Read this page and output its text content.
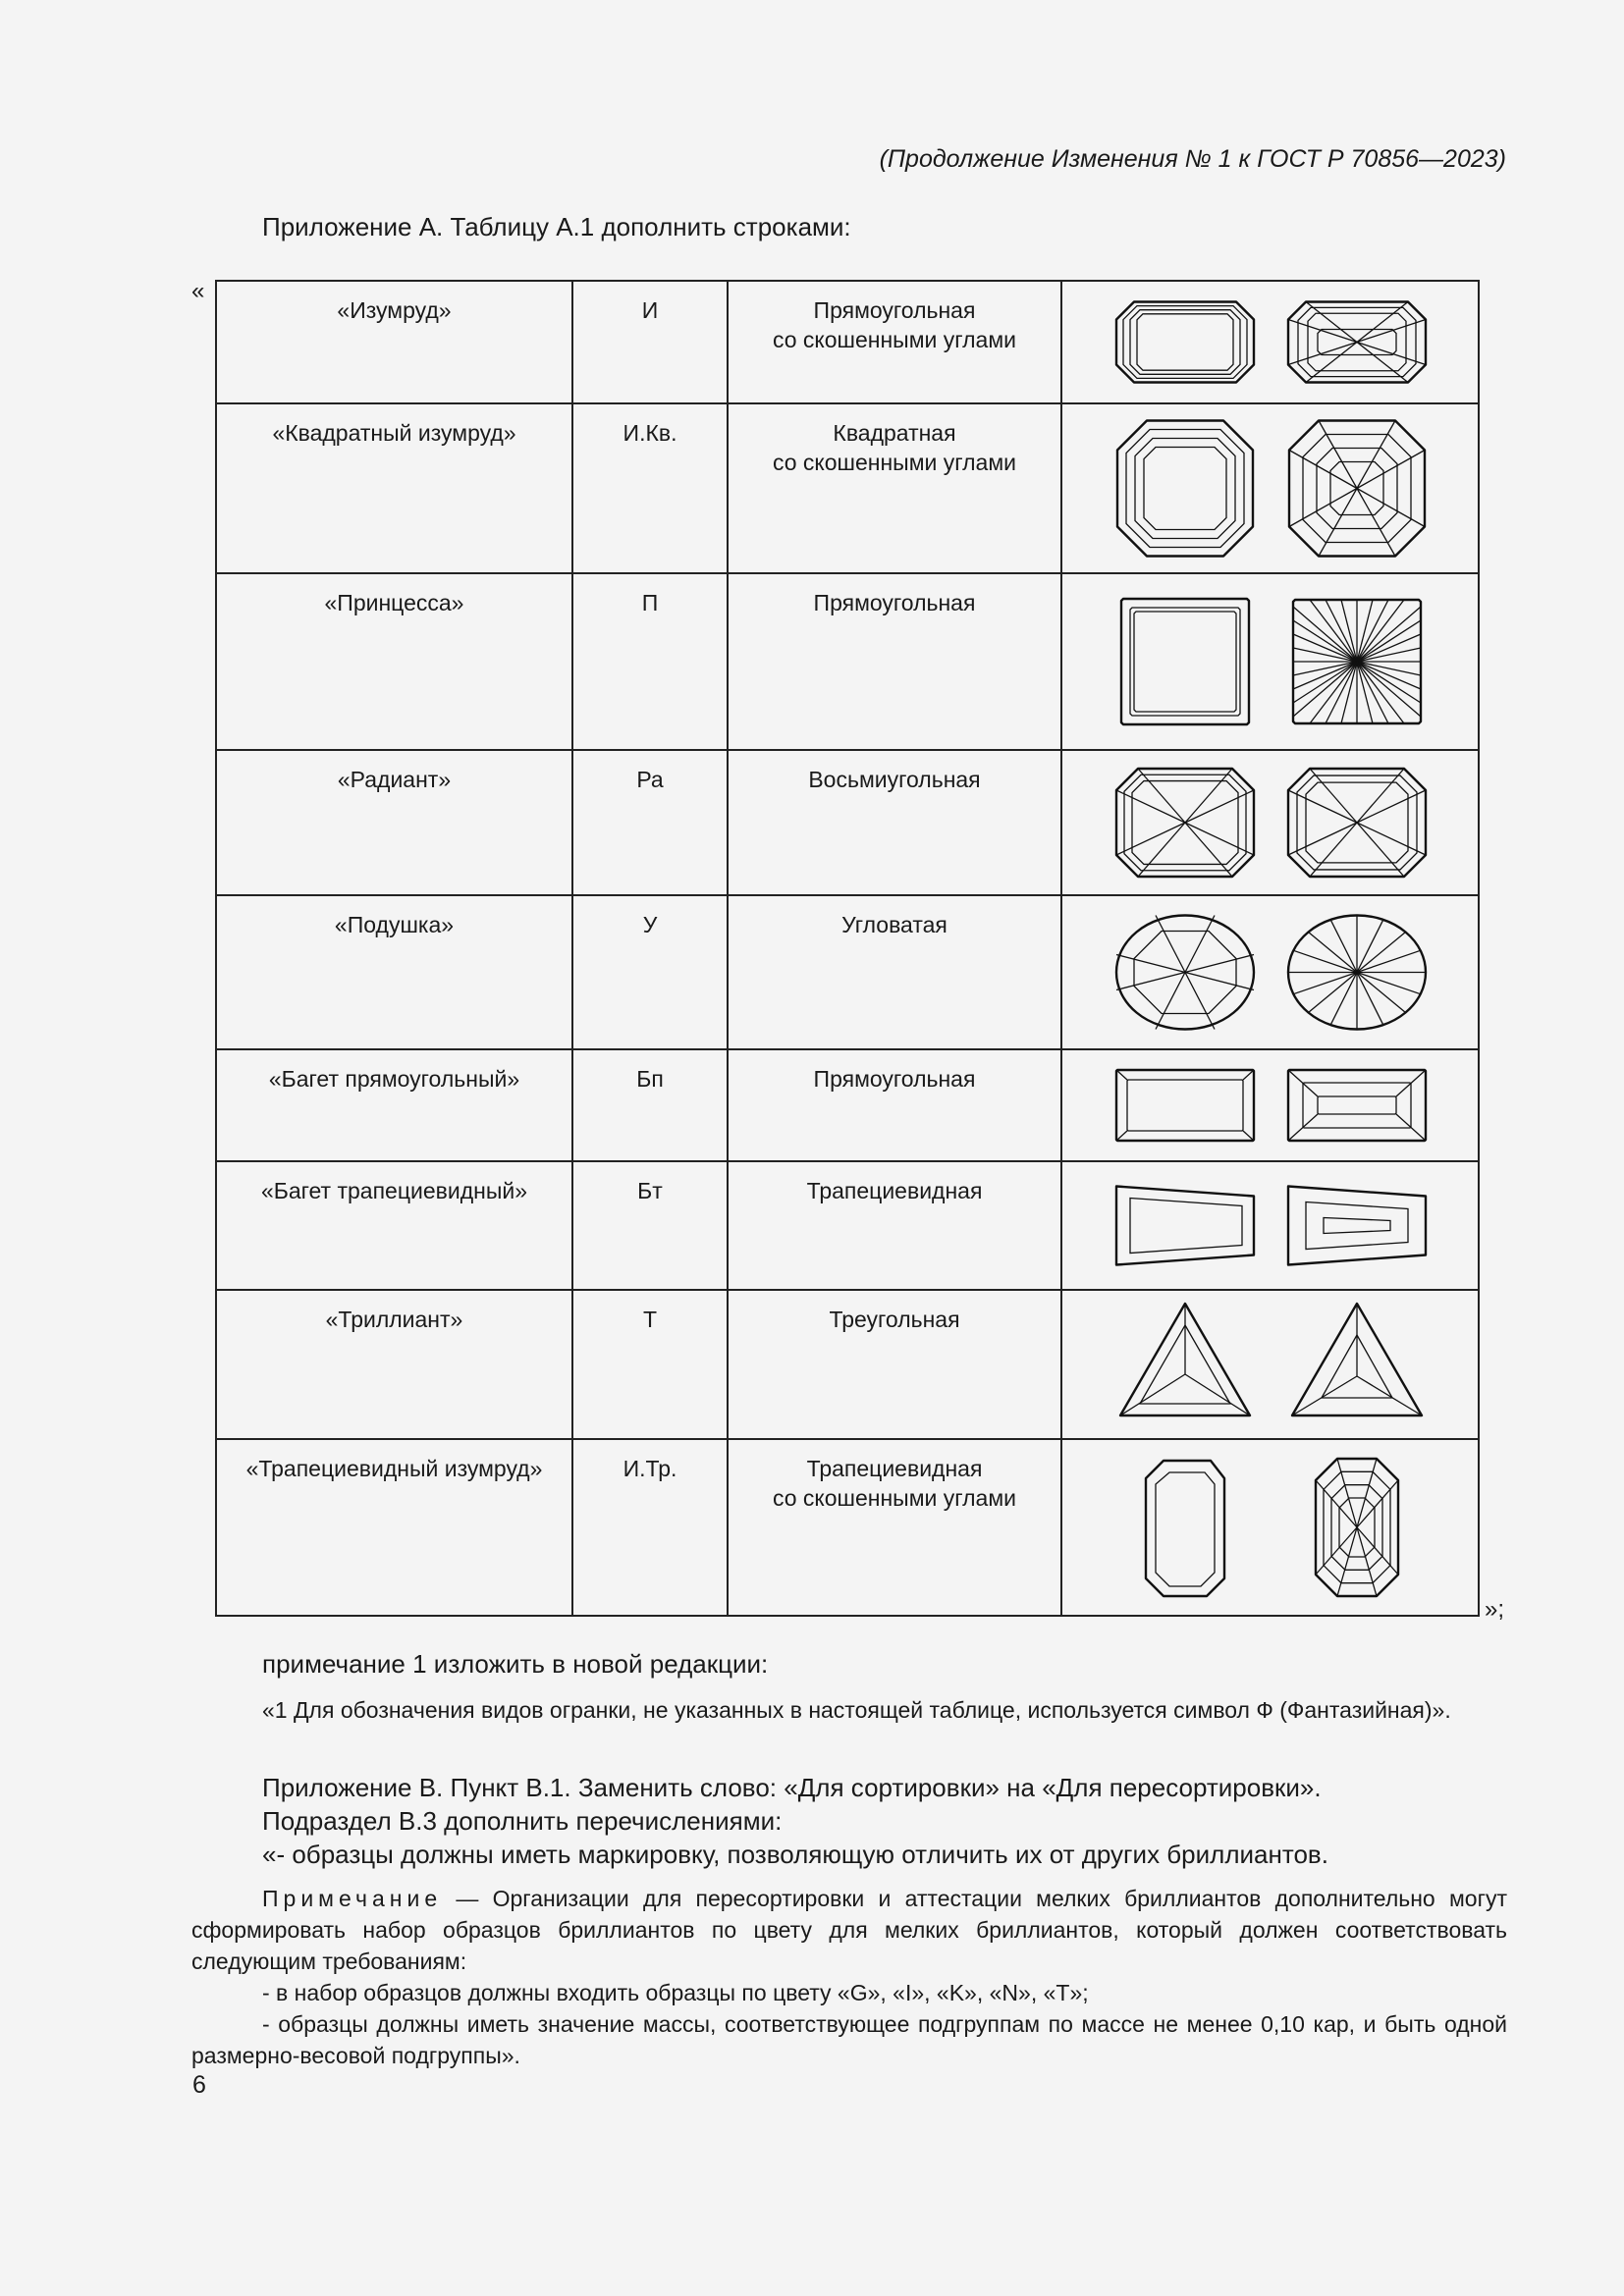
(Продолжение Изменения № 1 к ГОСТ Р 70856—2023)
Приложение А. Таблицу А.1 дополнить строками:
«
«Изумруд»	И	Прямоугольная
со скошенными углами

«Квадратный изумруд»	И.Кв.	Квадратная
со скошенными углами

«Принцесса»	П	Прямоугольная

«Радиант»	Ра	Восьмиугольная

«Подушка»	У	Угловатая

«Багет прямоугольный»	Бп	Прямоугольная

«Багет трапециевидный»	Бт	Трапециевидная

«Триллиант»	Т	Треугольная

«Трапециевидный изумруд»	И.Тр.	Трапециевидная
со скошенными углами

»;
примечание 1 изложить в новой редакции:
«1 Для обозначения видов огранки, не указанных в настоящей таблице, используется символ Ф (Фантазийная)».
Приложение В. Пункт В.1. Заменить слово: «Для сортировки» на «Для пересортировки».
Подраздел В.3 дополнить перечислениями:
«- образцы должны иметь маркировку, позволяющую отличить их от других бриллиантов.
Примечание — Организации для пересортировки и аттестации мелких бриллиантов дополнительно могут сформировать набор образцов бриллиантов по цвету для мелких бриллиантов, который должен соответствовать следующим требованиям:
- в набор образцов должны входить образцы по цвету «G», «I», «K», «N», «T»;
- образцы должны иметь значение массы, соответствующее подгруппам по массе не менее 0,10 кар, и быть одной размерно-весовой подгруппы».
6
